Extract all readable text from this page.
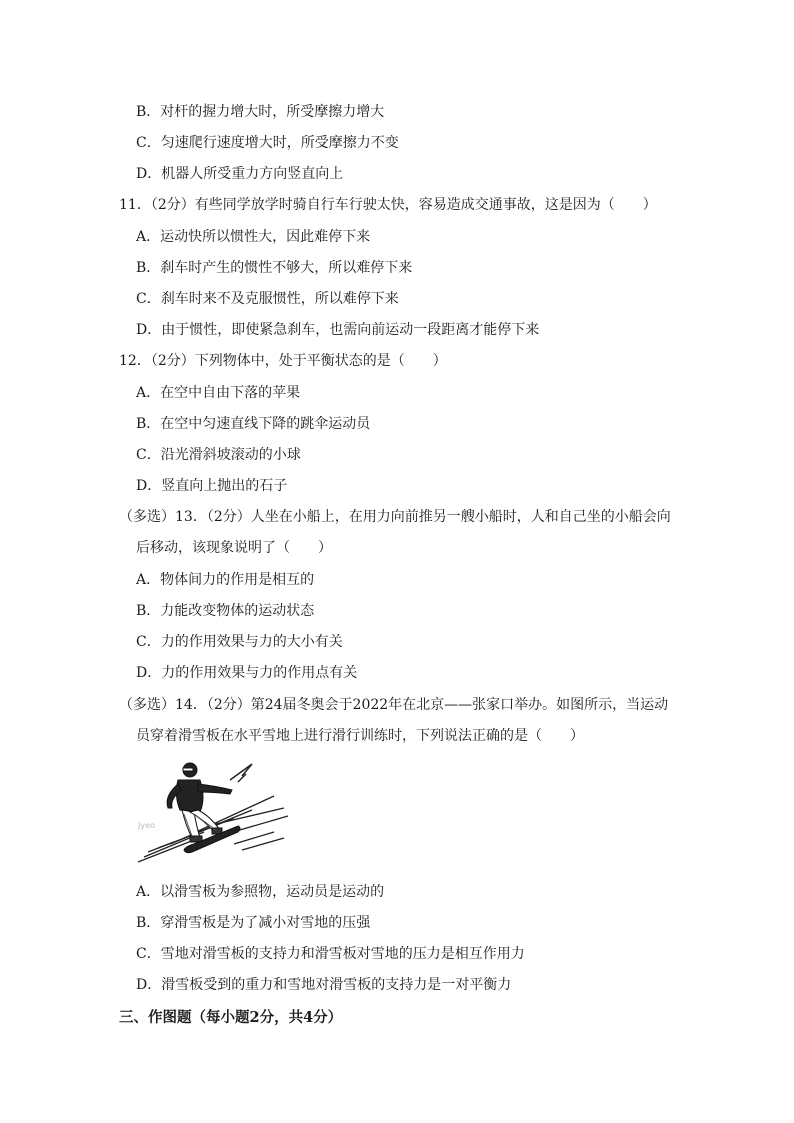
B．对杆的握力增大时，所受摩擦力增大
C．匀速爬行速度增大时，所受摩擦力不变
D．机器人所受重力方向竖直向上
11．（2分）有些同学放学时骑自行车行驶太快，容易造成交通事故，这是因为（　　）
A．运动快所以惯性大，因此难停下来
B．刹车时产生的惯性不够大，所以难停下来
C．刹车时来不及克服惯性，所以难停下来
D．由于惯性，即使紧急刹车，也需向前运动一段距离才能停下来
12．（2分）下列物体中，处于平衡状态的是（　　）
A．在空中自由下落的苹果
B．在空中匀速直线下降的跳伞运动员
C．沿光滑斜坡滚动的小球
D．竖直向上抛出的石子
（多选）13．（2分）人坐在小船上，在用力向前推另一艘小船时，人和自己坐的小船会向
后移动，该现象说明了（　　）
A．物体间力的作用是相互的
B．力能改变物体的运动状态
C．力的作用效果与力的大小有关
D．力的作用效果与力的作用点有关
（多选）14．（2分）第24届冬奥会于2022年在北京——张家口举办。如图所示，当运动
员穿着滑雪板在水平雪地上进行滑行训练时，下列说法正确的是（　　）
Jyeo
A．以滑雪板为参照物，运动员是运动的
B．穿滑雪板是为了减小对雪地的压强
C．雪地对滑雪板的支持力和滑雪板对雪地的压力是相互作用力
D．滑雪板受到的重力和雪地对滑雪板的支持力是一对平衡力
三、作图题（每小题2分，共4分）
